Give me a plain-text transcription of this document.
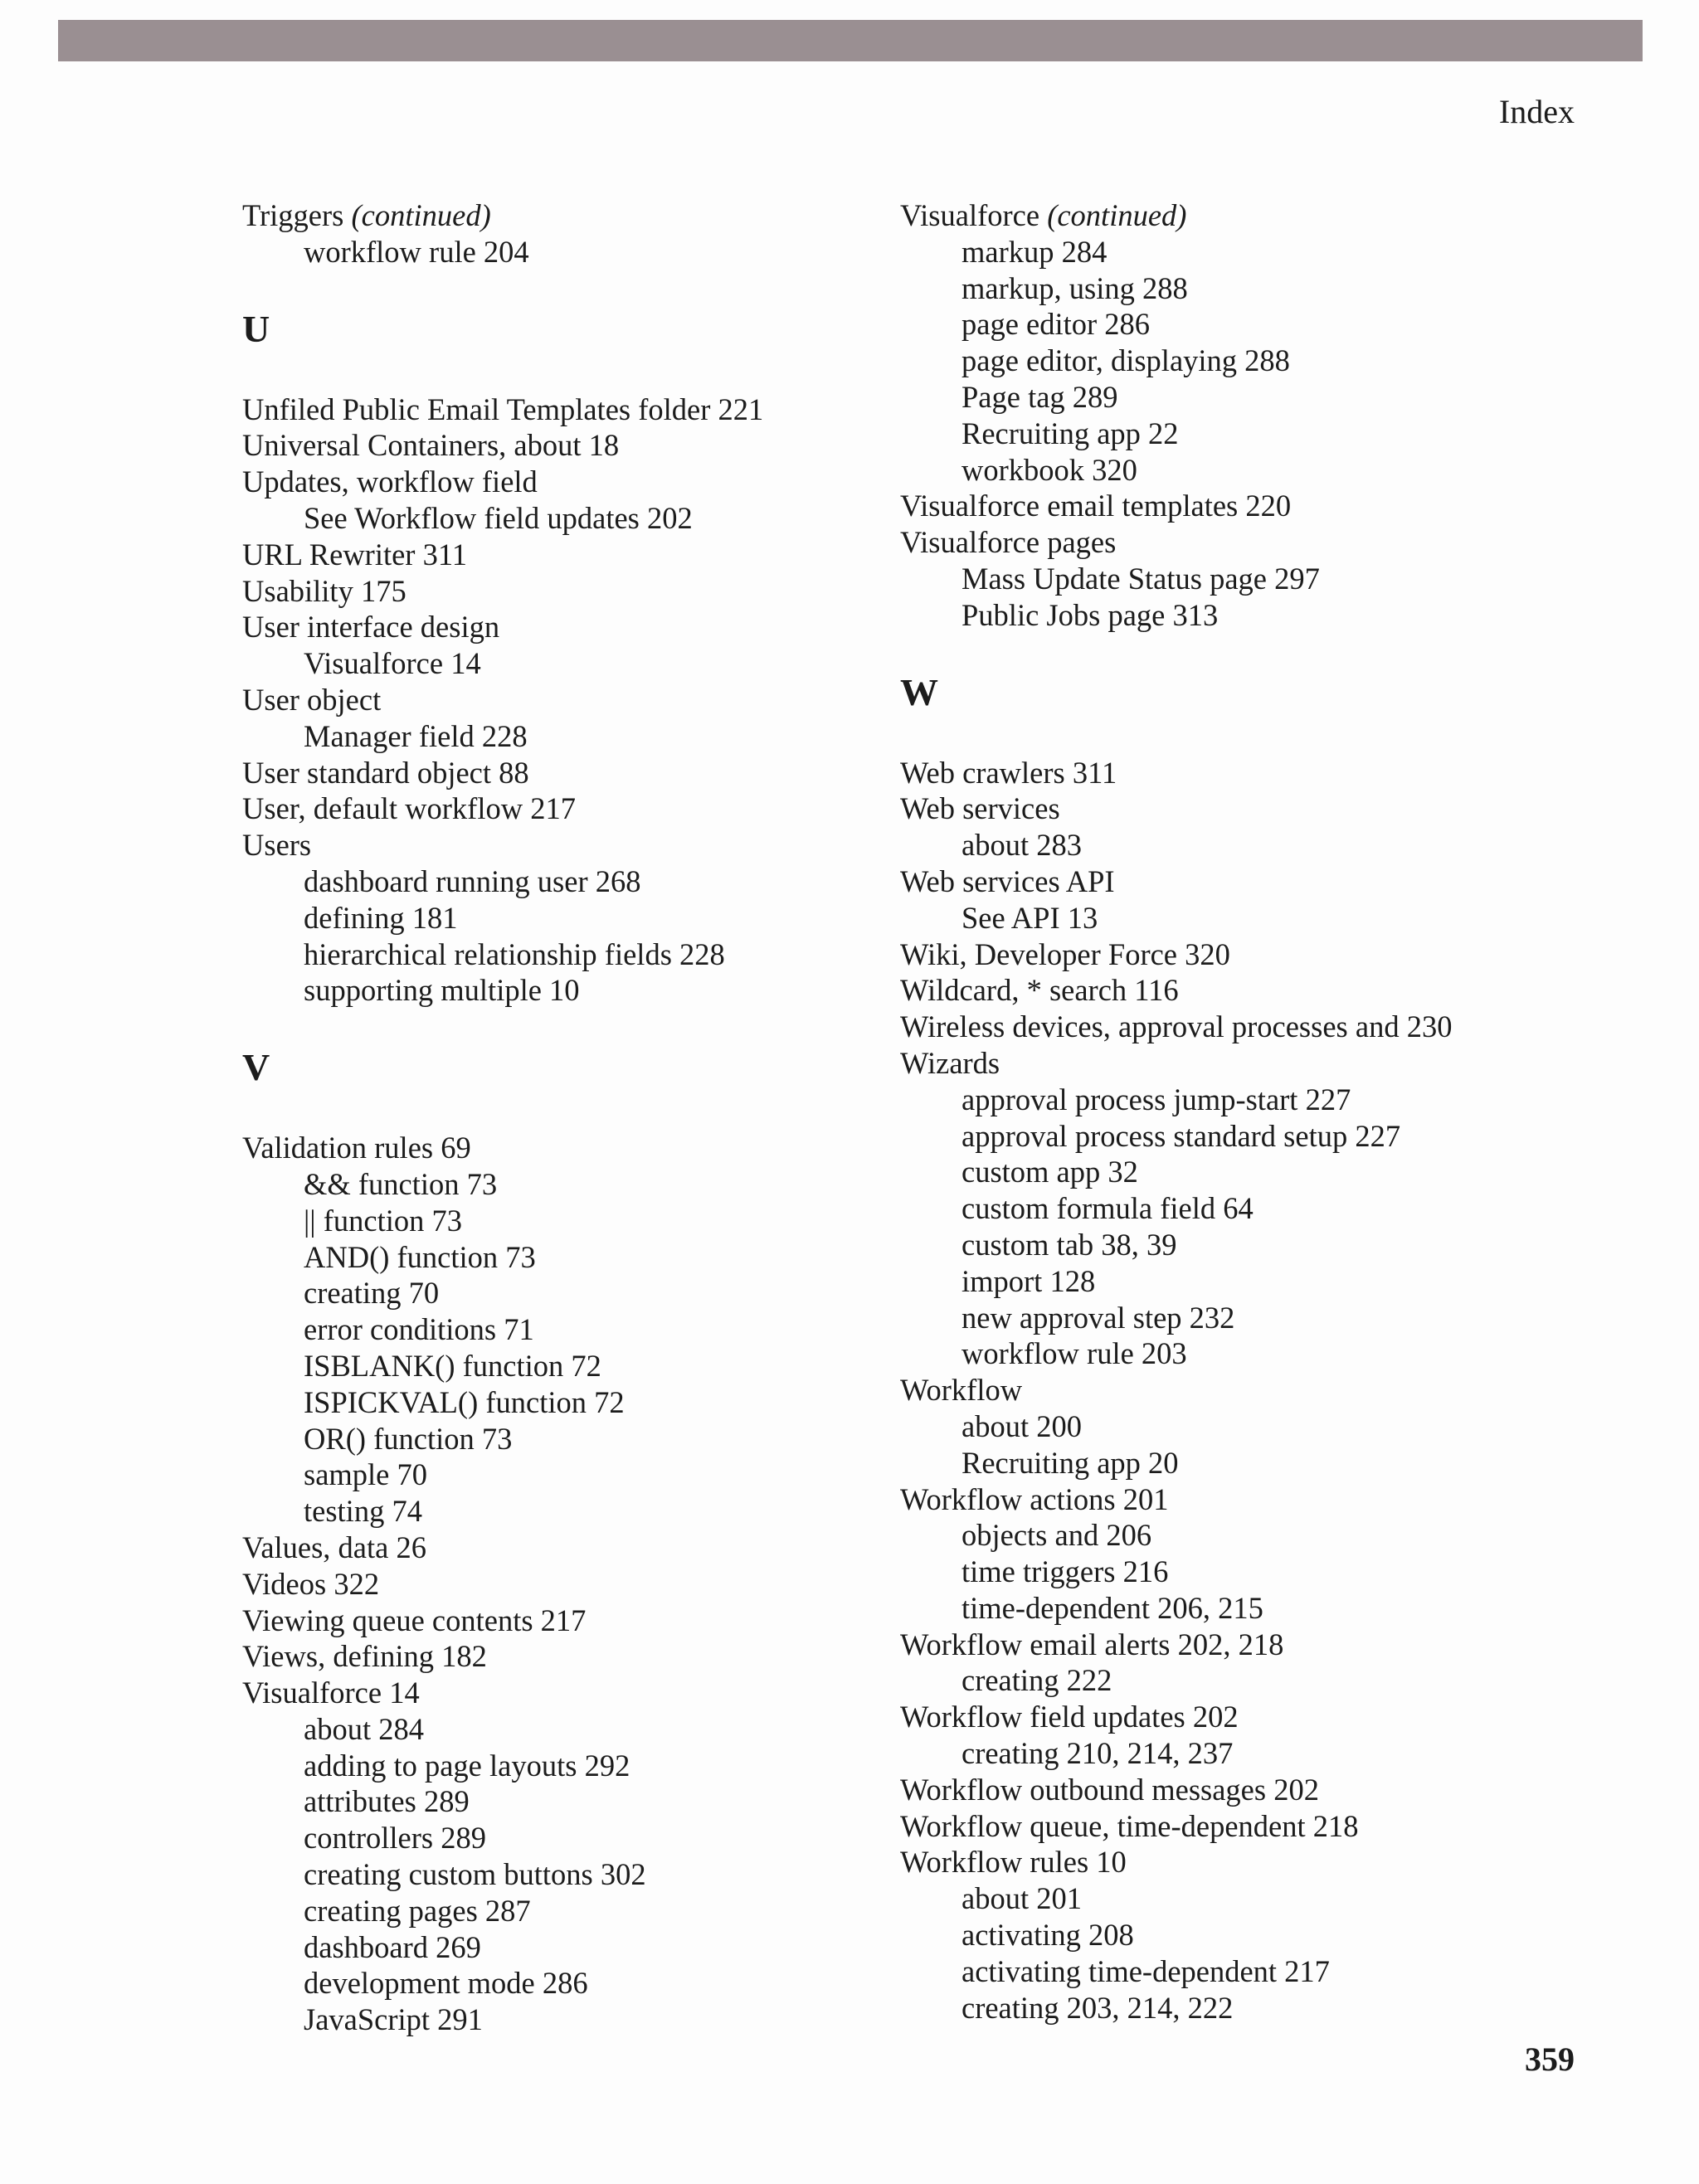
Index
Triggers (continued)
workflow rule 204
U
Unfiled Public Email Templates folder 221
Universal Containers, about 18
Updates, workflow field
See Workflow field updates 202
URL Rewriter 311
Usability 175
User interface design
Visualforce 14
User object
Manager field 228
User standard object 88
User, default workflow 217
Users
dashboard running user 268
defining 181
hierarchical relationship fields 228
supporting multiple 10
V
Validation rules 69
&& function 73
|| function 73
AND() function 73
creating 70
error conditions 71
ISBLANK() function 72
ISPICKVAL() function 72
OR() function 73
sample 70
testing 74
Values, data 26
Videos 322
Viewing queue contents 217
Views, defining 182
Visualforce 14
about 284
adding to page layouts 292
attributes 289
controllers 289
creating custom buttons 302
creating pages 287
dashboard 269
development mode 286
JavaScript 291
Visualforce (continued)
markup 284
markup, using 288
page editor 286
page editor, displaying 288
Page tag 289
Recruiting app 22
workbook 320
Visualforce email templates 220
Visualforce pages
Mass Update Status page 297
Public Jobs page 313
W
Web crawlers 311
Web services
about 283
Web services API
See API 13
Wiki, Developer Force 320
Wildcard, * search 116
Wireless devices, approval processes and 230
Wizards
approval process jump-start 227
approval process standard setup 227
custom app 32
custom formula field 64
custom tab 38, 39
import 128
new approval step 232
workflow rule 203
Workflow
about 200
Recruiting app 20
Workflow actions 201
objects and 206
time triggers 216
time-dependent 206, 215
Workflow email alerts 202, 218
creating 222
Workflow field updates 202
creating 210, 214, 237
Workflow outbound messages 202
Workflow queue, time-dependent 218
Workflow rules 10
about 201
activating 208
activating time-dependent 217
creating 203, 214, 222
359
